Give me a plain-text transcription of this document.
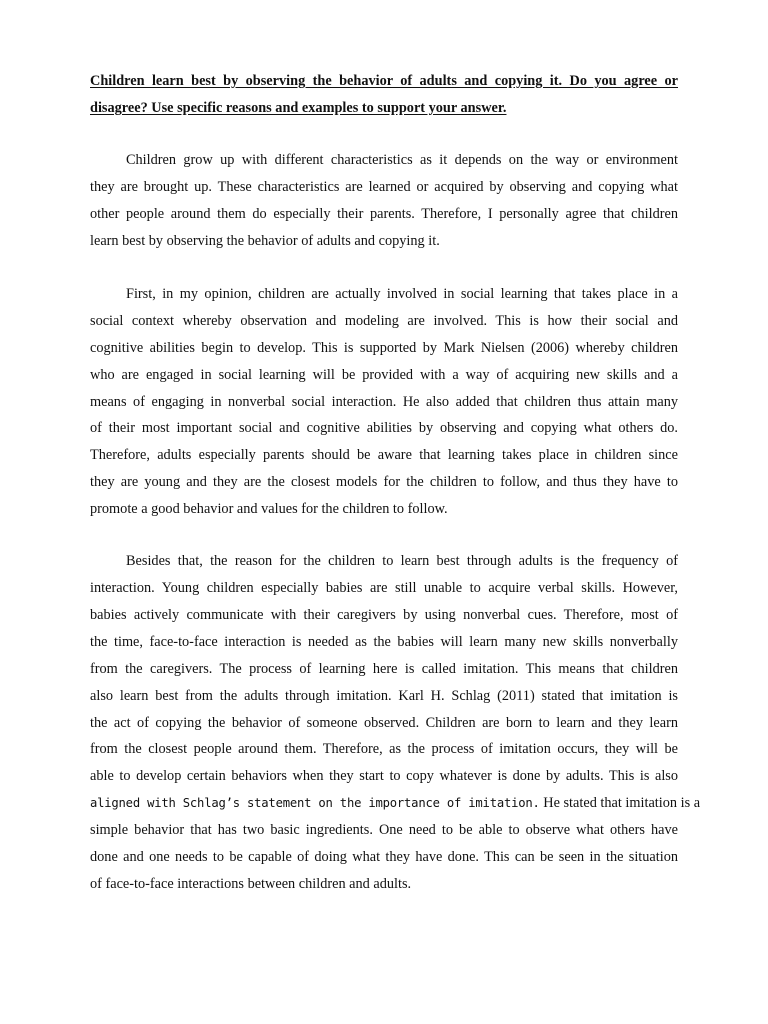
Children learn best by observing the behavior of adults and copying it. Do you agree or
disagree? Use specific reasons and examples to support your answer.
Children grow up with different characteristics as it depends on the way or environment
they are brought up. These characteristics are learned or acquired by observing and copying what
other people around them do especially their parents. Therefore, I personally agree that children
learn best by observing the behavior of adults and copying it.
First, in my opinion, children are actually involved in social learning that takes place in a
social context whereby observation and modeling are involved. This is how their social and
cognitive abilities begin to develop. This is supported by Mark Nielsen (2006) whereby children
who are engaged in social learning will be provided with a way of acquiring new skills and a
means of engaging in nonverbal social interaction. He also added that children thus attain many
of their most important social and cognitive abilities by observing and copying what others do.
Therefore, adults especially parents should be aware that learning takes place in children since
they are young and they are the closest models for the children to follow, and thus they have to
promote a good behavior and values for the children to follow.
Besides that, the reason for the children to learn best through adults is the frequency of
interaction. Young children especially babies are still unable to acquire verbal skills. However,
babies actively communicate with their caregivers by using nonverbal cues. Therefore, most of
the time, face-to-face interaction is needed as the babies will learn many new skills nonverbally
from the caregivers. The process of learning here is called imitation. This means that children
also learn best from the adults through imitation. Karl H. Schlag (2011) stated that imitation is
the act of copying the behavior of someone observed. Children are born to learn and they learn
from the closest people around them. Therefore, as the process of imitation occurs, they will be
able to develop certain behaviors when they start to copy whatever is done by adults. This is also
aligned with Schlag’s statement on the importance of imitation. He stated that imitation is a
simple behavior that has two basic ingredients. One need to be able to observe what others have
done and one needs to be capable of doing what they have done. This can be seen in the situation
of face-to-face interactions between children and adults.
